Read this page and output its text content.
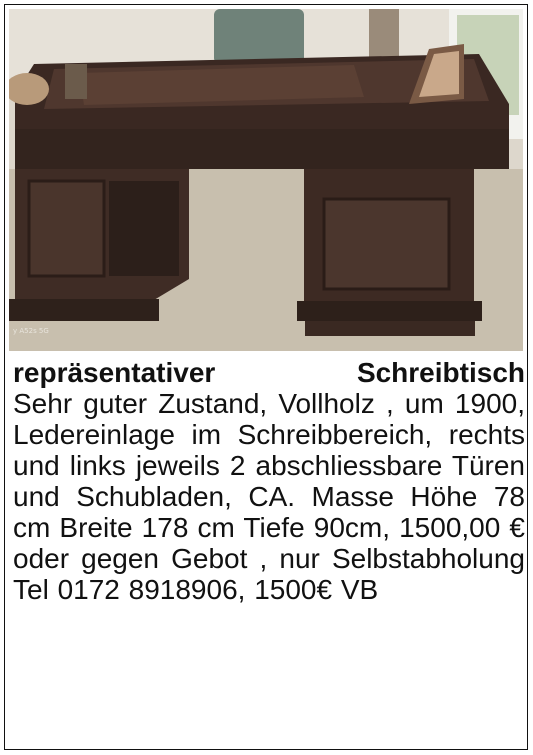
y A52s 5G
repräsentativer Schreibtisch
Sehr guter Zustand, Vollholz , um 1900, Ledereinlage im Schreibbereich, rechts und links jeweils 2 abschliessbare Türen und Schubladen, CA. Masse Höhe 78 cm Breite 178 cm Tiefe 90cm, 1500,00 € oder gegen Gebot , nur Selbstabholung Tel 0172 8918906, 1500€ VB
